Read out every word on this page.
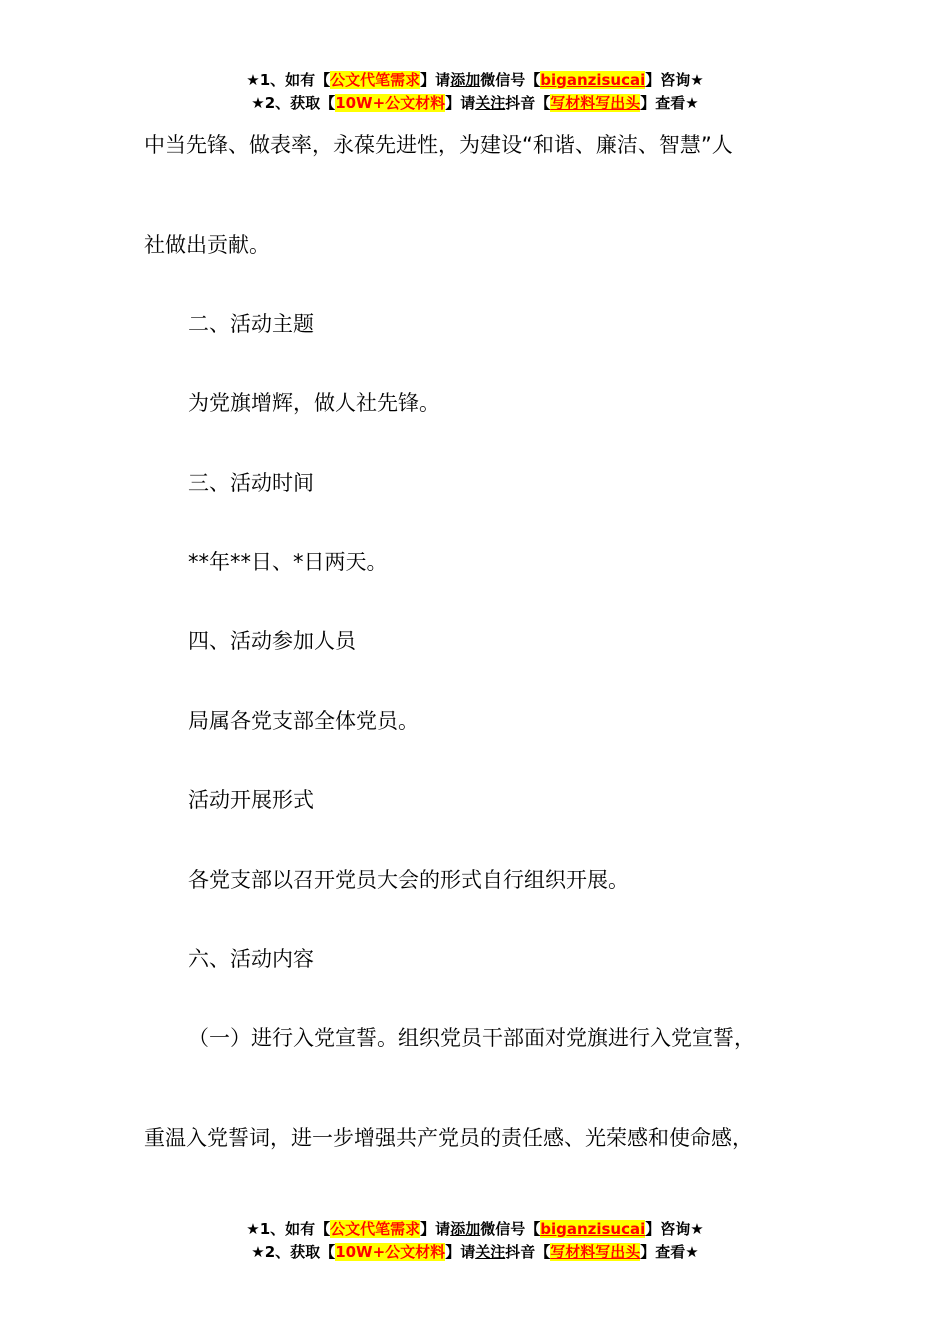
★1、如有【公文代笔需求】请添加微信号【biganzisucai】咨询★
★2、获取【10W+公文材料】请关注抖音【写材料写出头】查看★
中当先锋、做表率，永葆先进性，为建设“和谐、廉洁、智慧”人
社做出贡献。
二、活动主题
为党旗增辉，做人社先锋。
三、活动时间
**年**日、*日两天。
四、活动参加人员
局属各党支部全体党员。
活动开展形式
各党支部以召开党员大会的形式自行组织开展。
六、活动内容
（一）进行入党宣誓。组织党员干部面对党旗进行入党宣誓，
重温入党誓词，进一步增强共产党员的责任感、光荣感和使命感，
★1、如有【公文代笔需求】请添加微信号【biganzisucai】咨询★
★2、获取【10W+公文材料】请关注抖音【写材料写出头】查看★
